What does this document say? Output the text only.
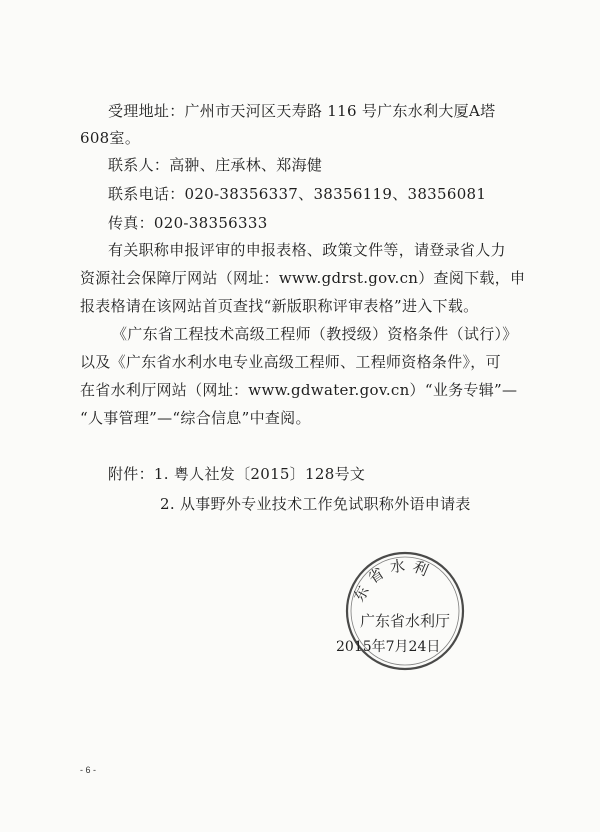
受理地址：广州市天河区天寿路 116 号广东水利大厦A塔
608室。
联系人：高翀、庄承林、郑海健
联系电话：020-38356337、38356119、38356081
传真：020-38356333
有关职称申报评审的申报表格、政策文件等，请登录省人力
资源社会保障厅网站（网址：www.gdrst.gov.cn）查阅下载，申
报表格请在该网站首页查找“新版职称评审表格”进入下载。
《广东省工程技术高级工程师（教授级）资格条件（试行）》
以及《广东省水利水电专业高级工程师、工程师资格条件》，可
在省水利厅网站（网址：www.gdwater.gov.cn）“业务专辑”—
“人事管理”—“综合信息”中查阅。
附件：1. 粤人社发〔2015〕128号文
2. 从事野外专业技术工作免试职称外语申请表
东省水利
广东省水利厅
2015年7月24日
- 6 -
